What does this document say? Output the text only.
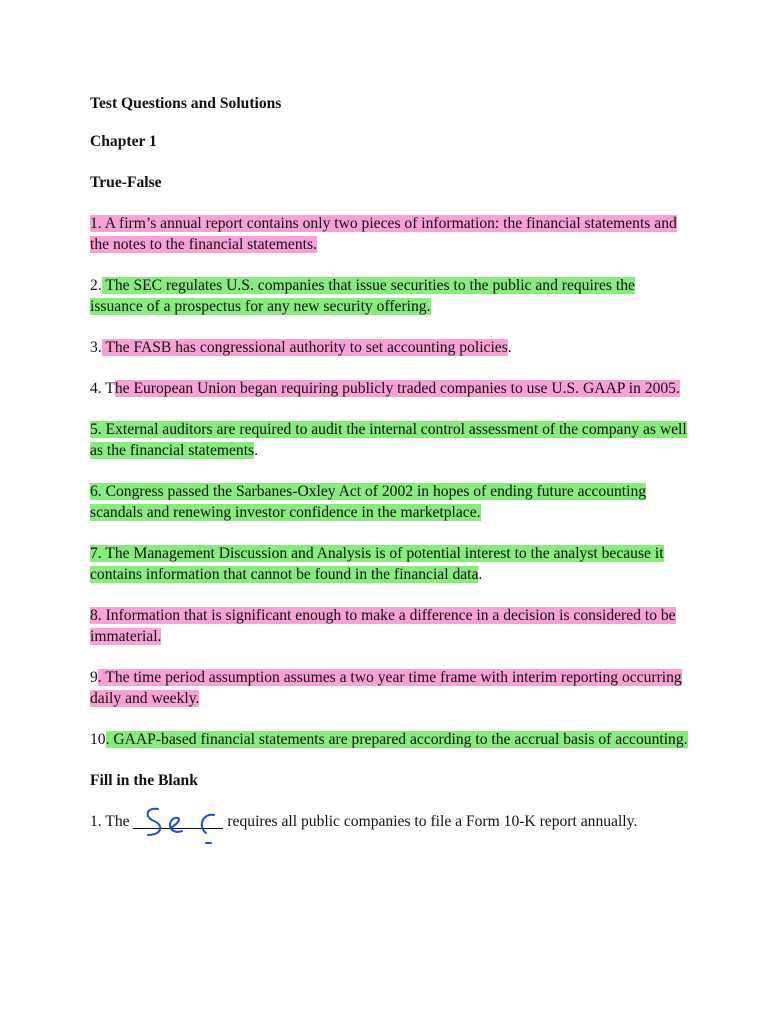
Test Questions and Solutions

Chapter 1
True-False
1. A firm’s annual report contains only two pieces of information: the financial statements and the notes to the financial statements.
2. The SEC regulates U.S. companies that issue securities to the public and requires the issuance of a prospectus for any new security offering.
3. The FASB has congressional authority to set accounting policies.
4. The European Union began requiring publicly traded companies to use U.S. GAAP in 2005.
5. External auditors are required to audit the internal control assessment of the company as well as the financial statements.
6. Congress passed the Sarbanes-Oxley Act of 2002 in hopes of ending future accounting scandals and renewing investor confidence in the marketplace.
7. The Management Discussion and Analysis is of potential interest to the analyst because it contains information that cannot be found in the financial data.
8. Information that is significant enough to make a difference in a decision is considered to be immaterial.
9. The time period assumption assumes a two year time frame with interim reporting occurring daily and weekly.
10. GAAP-based financial statements are prepared according to the accrual basis of accounting.
Fill in the Blank
1. The	requires all public companies to file a Form 10-K report annually.
